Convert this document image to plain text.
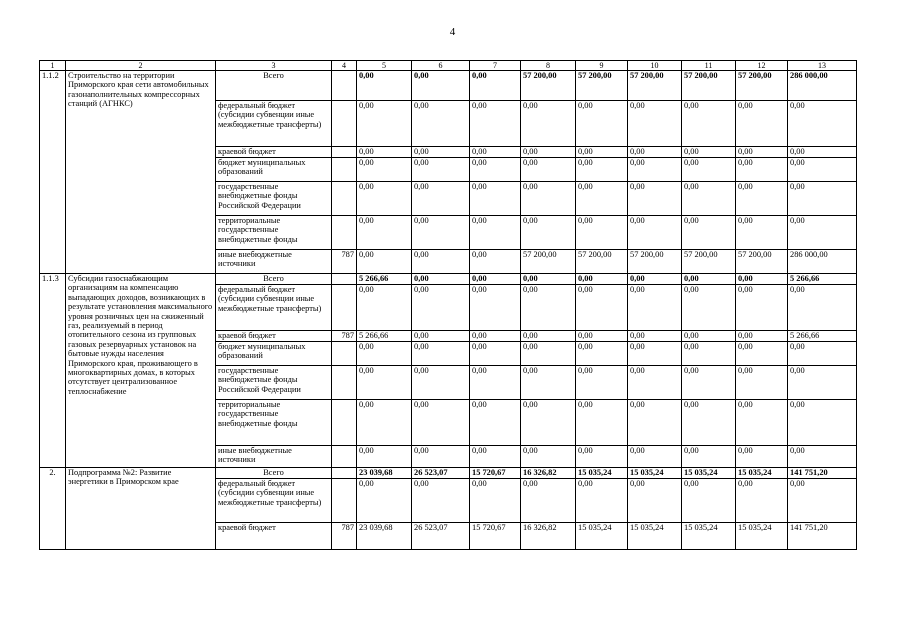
4
1	2	3	4	5	6	7	8	9	10	11	12	13
1.1.2	Строительство на территории Приморского края сети автомобильных газонаполнительных компрессорных станций (АГНКС)	Всего		0,00	0,00	0,00	57 200,00	57 200,00	57 200,00	57 200,00	57 200,00	286 000,00
		федеральный бюджет (субсидии субвенции иные межбюджетные трансферты)		0,00	0,00	0,00	0,00	0,00	0,00	0,00	0,00	0,00
		краевой бюджет		0,00	0,00	0,00	0,00	0,00	0,00	0,00	0,00	0,00
		бюджет муниципальных образований		0,00	0,00	0,00	0,00	0,00	0,00	0,00	0,00	0,00
		государственные внебюджетные фонды Российской Федерации		0,00	0,00	0,00	0,00	0,00	0,00	0,00	0,00	0,00
		территориальные государственные внебюджетные фонды		0,00	0,00	0,00	0,00	0,00	0,00	0,00	0,00	0,00
		иные внебюджетные источники	787	0,00	0,00	0,00	57 200,00	57 200,00	57 200,00	57 200,00	57 200,00	286 000,00
1.1.3	Субсидии газоснабжающим организациям на компенсацию выпадающих доходов, возникающих в результате установления максимального уровня розничных цен на сжиженный газ, реализуемый в период отопительного сезона из групповых газовых резервуарных установок на бытовые нужды населения Приморского края, проживающего в многоквартирных домах, в которых отсутствует централизованное теплоснабжение	Всего		5 266,66	0,00	0,00	0,00	0,00	0,00	0,00	0,00	5 266,66
		федеральный бюджет (субсидии субвенции иные межбюджетные трансферты)		0,00	0,00	0,00	0,00	0,00	0,00	0,00	0,00	0,00
		краевой бюджет	787	5 266,66	0,00	0,00	0,00	0,00	0,00	0,00	0,00	5 266,66
		бюджет муниципальных образований		0,00	0,00	0,00	0,00	0,00	0,00	0,00	0,00	0,00
		государственные внебюджетные фонды Российской Федерации		0,00	0,00	0,00	0,00	0,00	0,00	0,00	0,00	0,00
		территориальные государственные внебюджетные фонды		0,00	0,00	0,00	0,00	0,00	0,00	0,00	0,00	0,00
		иные внебюджетные источники		0,00	0,00	0,00	0,00	0,00	0,00	0,00	0,00	0,00
2.	Подпрограмма №2: Развитие энергетики в Приморском крае	Всего		23 039,68	26 523,07	15 720,67	16 326,82	15 035,24	15 035,24	15 035,24	15 035,24	141 751,20
		федеральный бюджет (субсидии субвенции иные межбюджетные трансферты)		0,00	0,00	0,00	0,00	0,00	0,00	0,00	0,00	0,00
		краевой бюджет	787	23 039,68	26 523,07	15 720,67	16 326,82	15 035,24	15 035,24	15 035,24	15 035,24	141 751,20
